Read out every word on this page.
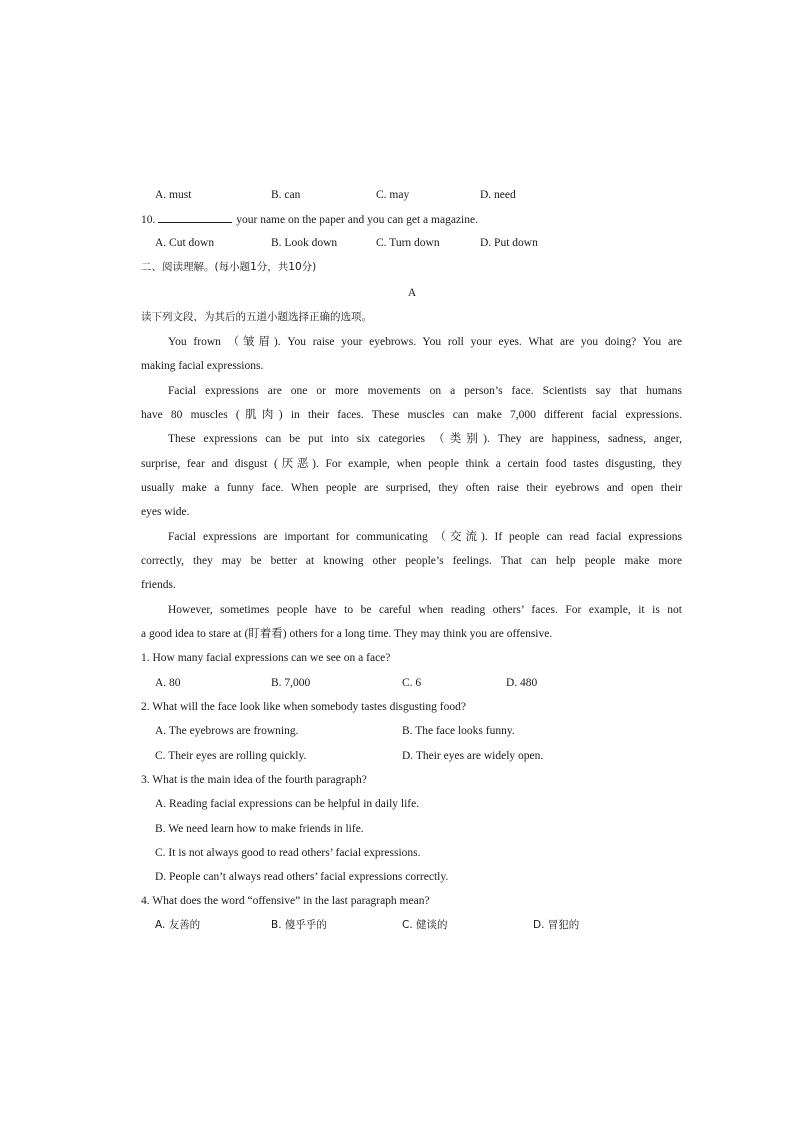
A. must	B. can	C. may	D. need
10.	your name on the paper and you can get a magazine.
A. Cut down	B. Look down	C. Turn down	D. Put down
二、阅读理解。(每小题1分，共10分)
A
读下列文段，为其后的五道小题选择正确的选项。
You frown （皱眉). You raise your eyebrows. You roll your eyes. What are you doing? You are
making facial expressions.
Facial expressions are one or more movements on a person’s face. Scientists say that humans
have 80 muscles (肌肉) in their faces. These muscles can make 7,000 different facial expressions.
These expressions can be put into six categories （类别). They are happiness, sadness, anger,
surprise, fear and disgust (厌恶). For example, when people think a certain food tastes disgusting, they
usually make a funny face. When people are surprised, they often raise their eyebrows and open their
eyes wide.
Facial expressions are important for communicating （交流). If people can read facial expressions
correctly, they may be better at knowing other people’s feelings. That can help people make more
friends.
However, sometimes people have to be careful when reading others’ faces. For example, it is not
a good idea to stare at (盯着看) others for a long time. They may think you are offensive.
1. How many facial expressions can we see on a face?
A. 80	B. 7,000	C. 6	D. 480
2. What will the face look like when somebody tastes disgusting food?
A. The eyebrows are frowning.	B. The face looks funny.
C. Their eyes are rolling quickly.	D. Their eyes are widely open.
3. What is the main idea of the fourth paragraph?
A. Reading facial expressions can be helpful in daily life.
B. We need learn how to make friends in life.
C. It is not always good to read others’ facial expressions.
D. People can’t always read others’ facial expressions correctly.
4. What does the word “offensive” in the last paragraph mean?
A. 友善的	B. 傻乎乎的	C. 健谈的	D. 冒犯的
